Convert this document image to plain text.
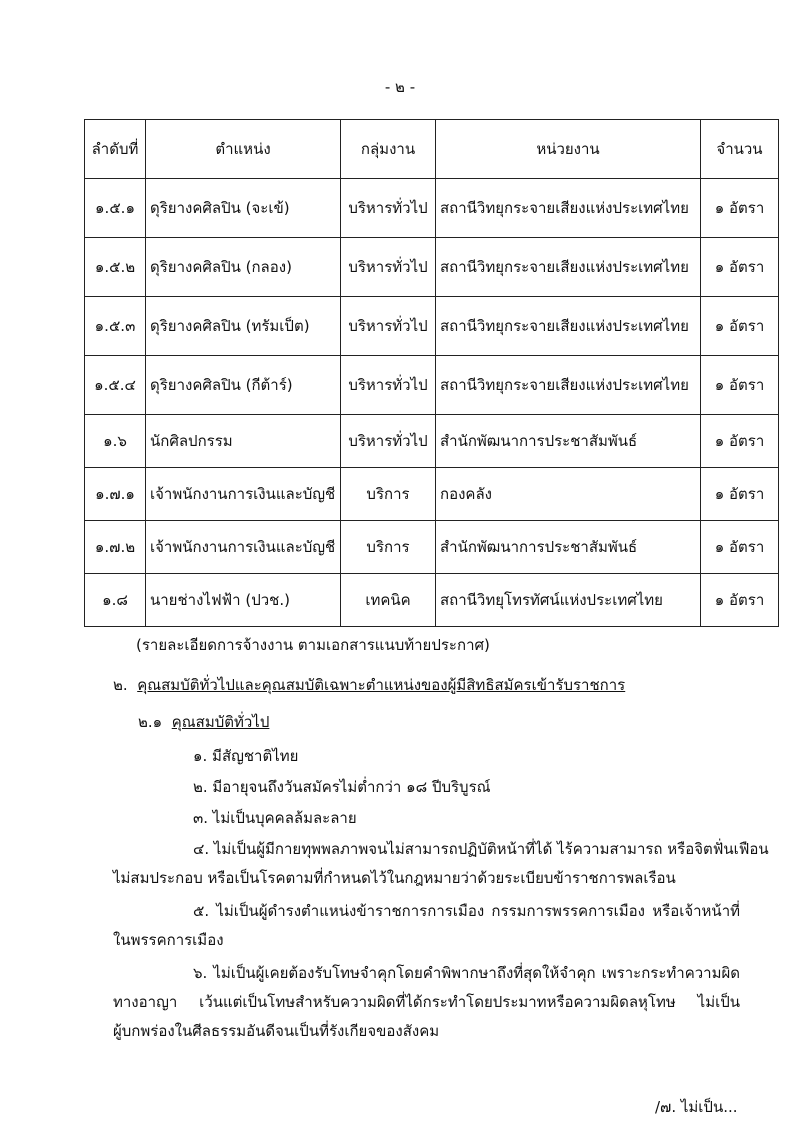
- ๒ -
ลำดับที่	ตำแหน่ง	กลุ่มงาน	หน่วยงาน	จำนวน
๑.๕.๑	ดุริยางคศิลปิน (จะเข้)	บริหารทั่วไป	สถานีวิทยุกระจายเสียงแห่งประเทศไทย	๑ อัตรา
๑.๕.๒	ดุริยางคศิลปิน (กลอง)	บริหารทั่วไป	สถานีวิทยุกระจายเสียงแห่งประเทศไทย	๑ อัตรา
๑.๕.๓	ดุริยางคศิลปิน (ทรัมเป็ต)	บริหารทั่วไป	สถานีวิทยุกระจายเสียงแห่งประเทศไทย	๑ อัตรา
๑.๕.๔	ดุริยางคศิลปิน (กีต้าร์)	บริหารทั่วไป	สถานีวิทยุกระจายเสียงแห่งประเทศไทย	๑ อัตรา
๑.๖	นักศิลปกรรม	บริหารทั่วไป	สำนักพัฒนาการประชาสัมพันธ์	๑ อัตรา
๑.๗.๑	เจ้าพนักงานการเงินและบัญชี	บริการ	กองคลัง	๑ อัตรา
๑.๗.๒	เจ้าพนักงานการเงินและบัญชี	บริการ	สำนักพัฒนาการประชาสัมพันธ์	๑ อัตรา
๑.๘	นายช่างไฟฟ้า (ปวช.)	เทคนิค	สถานีวิทยุโทรทัศน์แห่งประเทศไทย	๑ อัตรา
(รายละเอียดการจ้างงาน ตามเอกสารแนบท้ายประกาศ)
๒. คุณสมบัติทั่วไปและคุณสมบัติเฉพาะตำแหน่งของผู้มีสิทธิสมัครเข้ารับราชการ
๒.๑ คุณสมบัติทั่วไป
๑. มีสัญชาติไทย
๒. มีอายุจนถึงวันสมัครไม่ต่ำกว่า ๑๘ ปีบริบูรณ์
๓. ไม่เป็นบุคคลล้มละลาย
๔. ไม่เป็นผู้มีกายทุพพลภาพจนไม่สามารถปฏิบัติหน้าที่ได้ ไร้ความสามารถ หรือจิตฟั่นเฟือน
ไม่สมประกอบ หรือเป็นโรคตามที่กำหนดไว้ในกฎหมายว่าด้วยระเบียบข้าราชการพลเรือน
๕. ไม่เป็นผู้ดำรงตำแหน่งข้าราชการการเมือง กรรมการพรรคการเมือง หรือเจ้าหน้าที่
ในพรรคการเมือง
๖. ไม่เป็นผู้เคยต้องรับโทษจำคุกโดยคำพิพากษาถึงที่สุดให้จำคุก เพราะกระทำความผิด
ทางอาญา เว้นแต่เป็นโทษสำหรับความผิดที่ได้กระทำโดยประมาทหรือความผิดลหุโทษ ไม่เป็น
ผู้บกพร่องในศีลธรรมอันดีจนเป็นที่รังเกียจของสังคม
/๗. ไม่เป็น...
